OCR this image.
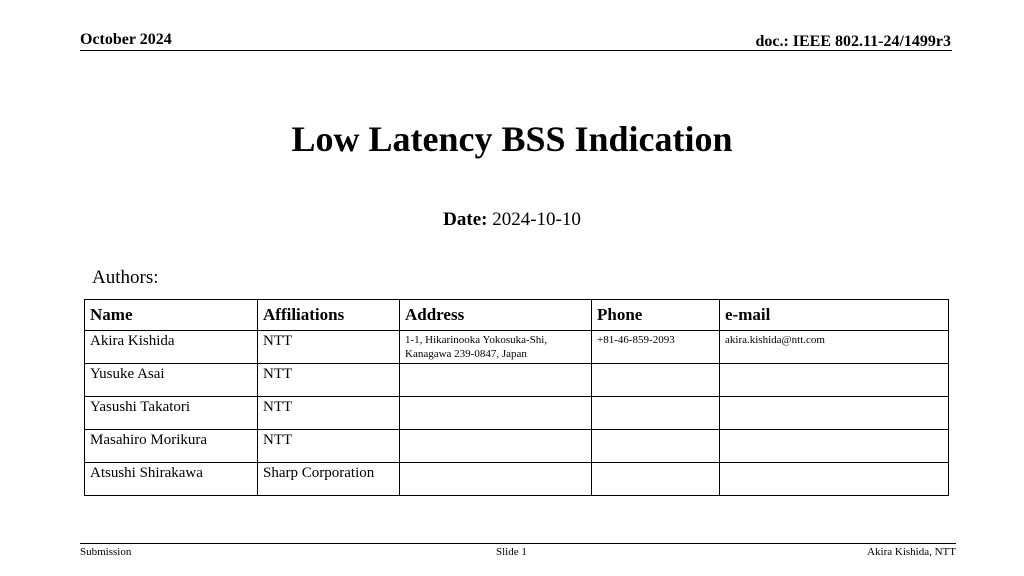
October 2024	doc.: IEEE 802.11-24/1499r3
Low Latency BSS Indication
Date: 2024-10-10
Authors:
Name	Affiliations	Address	Phone	e-mail
Akira Kishida	NTT	1-1, Hikarinooka Yokosuka-Shi, Kanagawa 239-0847, Japan	+81-46-859-2093	akira.kishida@ntt.com
Yusuke Asai	NTT			
Yasushi Takatori	NTT			
Masahiro Morikura	NTT			
Atsushi Shirakawa	Sharp Corporation			
Submission	Slide 1	Akira Kishida, NTT
